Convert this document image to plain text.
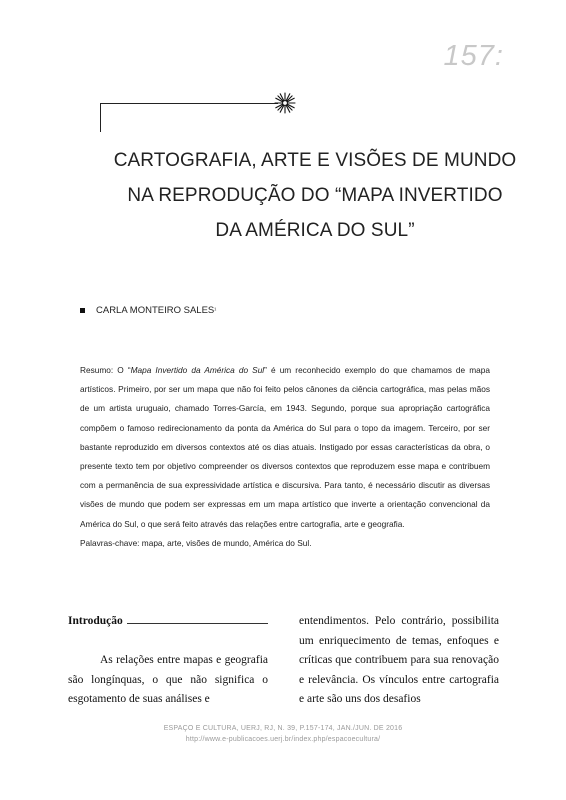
157:
CARTOGRAFIA, ARTE E VISÕES DE MUNDO
NA REPRODUÇÃO DO “MAPA INVERTIDO
DA AMÉRICA DO SUL”
CARLA MONTEIRO SALES ¹

Resumo: O “Mapa Invertido da América do Sul” é um reconhecido exemplo do que chamamos de mapa artísticos. Primeiro, por ser um mapa que não foi feito pelos cânones da ciência cartográfica, mas pelas mãos de um artista uruguaio, chamado Torres-García, em 1943. Segundo, porque sua apropriação cartográfica compõem o famoso redirecionamento da ponta da América do Sul para o topo da imagem. Terceiro, por ser bastante reproduzido em diversos contextos até os dias atuais. Instigado por essas características da obra, o presente texto tem por objetivo compreender os diversos contextos que reproduzem esse mapa e contribuem com a permanência de sua expressividade artística e discursiva. Para tanto, é necessário discutir as diversas visões de mundo que podem ser expressas em um mapa artístico que inverte a orientação convencional da América do Sul, o que será feito através das relações entre cartografia, arte e geografia.

Palavras-chave: mapa, arte, visões de mundo, América do Sul.

Introdução

As relações entre mapas e geografia são longínquas, o que não significa o esgotamento de suas análises e

entendimentos. Pelo contrário, possibilita um enriquecimento de temas, enfoques e críticas que contribuem para sua renovação e relevância. Os vínculos entre cartografia e arte são uns dos desafios

ESPAÇO E CULTURA, UERJ, RJ, N. 39, P.157-174, JAN./JUN. DE 2016
http://www.e-publicacoes.uerj.br/index.php/espacoecultura/
